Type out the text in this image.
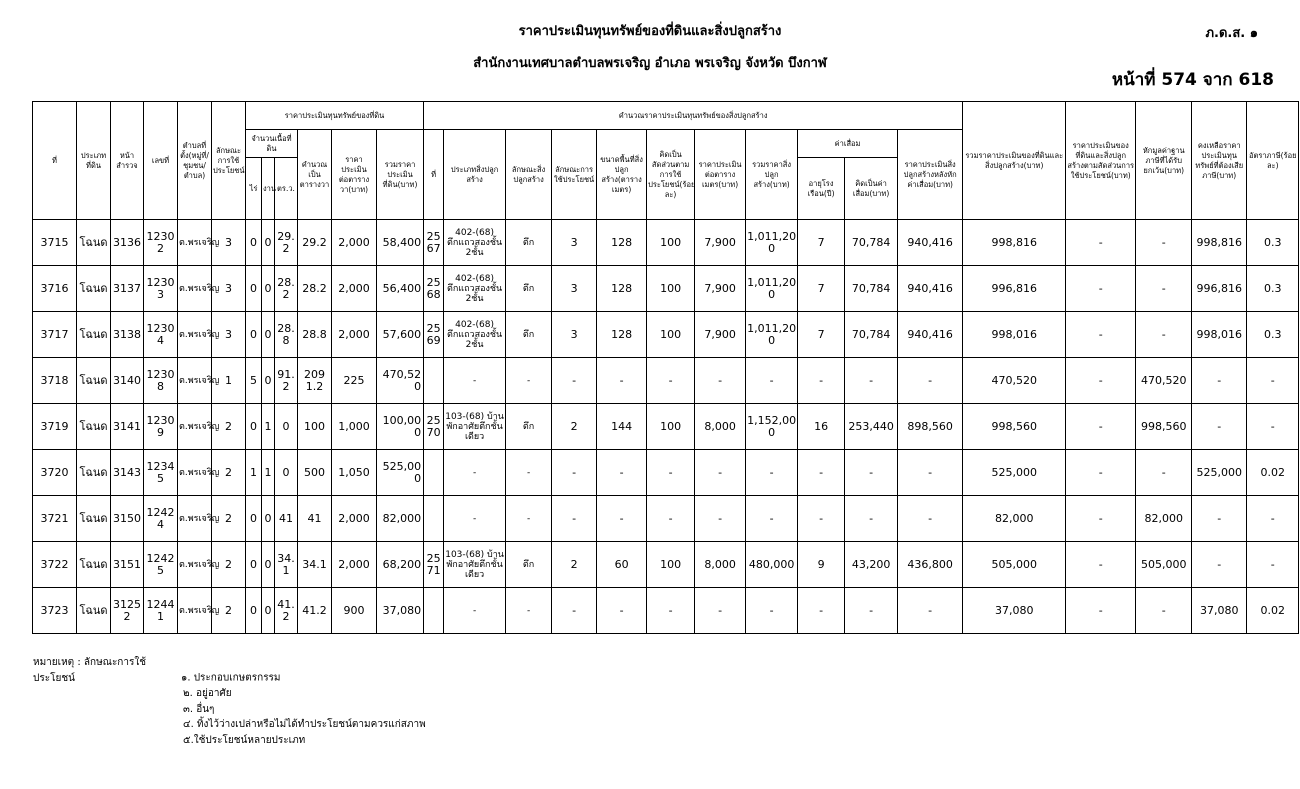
ราคาประเมินทุนทรัพย์ของที่ดินและสิ่งปลูกสร้าง
สำนักงานเทศบาลตำบลพรเจริญ อำเภอ พรเจริญ จังหวัด บึงกาฬ
ภ.ด.ส. ๑
หน้าที่ 574 จาก 618
ที่	ประเภทที่ดิน	หน้าสำรวจ	เลขที่	ตำบลที่ตั้ง(หมู่ที่/ชุมชน/ตำบล)	ลักษณะการใช้ประโยชน์	ราคาประเมินทุนทรัพย์ของที่ดิน						คำนวณราคาประเมินทุนทรัพย์ของสิ่งปลูกสร้าง											รวมราคาประเมินของที่ดินและสิ่งปลูกสร้าง(บาท)	ราคาประเมินของที่ดินและสิ่งปลูกสร้างตามสัดส่วนการใช้ประโยชน์(บาท)	หักมูลค่าฐานภาษีที่ได้รับยกเว้น(บาท)	คงเหลือราคาประเมินทุนทรัพย์ที่ต้องเสียภาษี(บาท)	อัตราภาษี(ร้อยละ)
						จำนวนเนื้อที่ดิน			คำนวณเป็นตารางวา	ราคาประเมินต่อตารางวา(บาท)	รวมราคาประเมินที่ดิน(บาท)	ที่	ประเภทสิ่งปลูกสร้าง	ลักษณะสิ่งปลูกสร้าง	ลักษณะการใช้ประโยชน์	ขนาดพื้นที่สิ่งปลูกสร้าง(ตารางเมตร)	คิดเป็นสัดส่วนตามการใช้ประโยชน์(ร้อยละ)	ราคาประเมินต่อตารางเมตร(บาท)	รวมราคาสิ่งปลูกสร้าง(บาท)	ค่าเสื่อม		ราคาประเมินสิ่งปลูกสร้างหลังหักค่าเสื่อม(บาท)					
						ไร่	งาน	ตร.ว.												อายุโรงเรือน(ปี)	คิดเป็นค่าเสื่อม(บาท)						
3715	โฉนด	3136	12302	ต.พรเจริญ	3	0	0	29.2	29.2	2,000	58,400	2567	402-(68) ตึกแถวสองชั้น 2ชั้น	ตึก	3	128	100	7,900	1,011,200	7	70,784	940,416	998,816	-	-	998,816	0.3
3716	โฉนด	3137	12303	ต.พรเจริญ	3	0	0	28.2	28.2	2,000	56,400	2568	402-(68) ตึกแถวสองชั้น 2ชั้น	ตึก	3	128	100	7,900	1,011,200	7	70,784	940,416	996,816	-	-	996,816	0.3
3717	โฉนด	3138	12304	ต.พรเจริญ	3	0	0	28.8	28.8	2,000	57,600	2569	402-(68) ตึกแถวสองชั้น 2ชั้น	ตึก	3	128	100	7,900	1,011,200	7	70,784	940,416	998,016	-	-	998,016	0.3
3718	โฉนด	3140	12308	ต.พรเจริญ	1	5	0	91.2	2091.2	225	470,520		-	-	-	-	-	-	-	-	-	-	470,520	-	470,520	-	-
3719	โฉนด	3141	12309	ต.พรเจริญ	2	0	1	0	100	1,000	100,000	2570	103-(68) บ้านพักอาศัยตึกชั้นเดียว	ตึก	2	144	100	8,000	1,152,000	16	253,440	898,560	998,560	-	998,560	-	-
3720	โฉนด	3143	12345	ต.พรเจริญ	2	1	1	0	500	1,050	525,000		-	-	-	-	-	-	-	-	-	-	525,000	-	-	525,000	0.02
3721	โฉนด	3150	12424	ต.พรเจริญ	2	0	0	41	41	2,000	82,000		-	-	-	-	-	-	-	-	-	-	82,000	-	82,000	-	-
3722	โฉนด	3151	12425	ต.พรเจริญ	2	0	0	34.1	34.1	2,000	68,200	2571	103-(68) บ้านพักอาศัยตึกชั้นเดียว	ตึก	2	60	100	8,000	480,000	9	43,200	436,800	505,000	-	505,000	-	-
3723	โฉนด	31252	12441	ต.พรเจริญ	2	0	0	41.2	41.2	900	37,080		-	-	-	-	-	-	-	-	-	-	37,080	-	-	37,080	0.02
หมายเหตุ : ลักษณะการใช้ประโยชน์	๑. ประกอบเกษตรกรรม
๒. อยู่อาศัย
๓. อื่นๆ
๔. ทิ้งไว้ว่างเปล่าหรือไม่ได้ทำประโยชน์ตามควรแก่สภาพ
๕.ใช้ประโยชน์หลายประเภท
